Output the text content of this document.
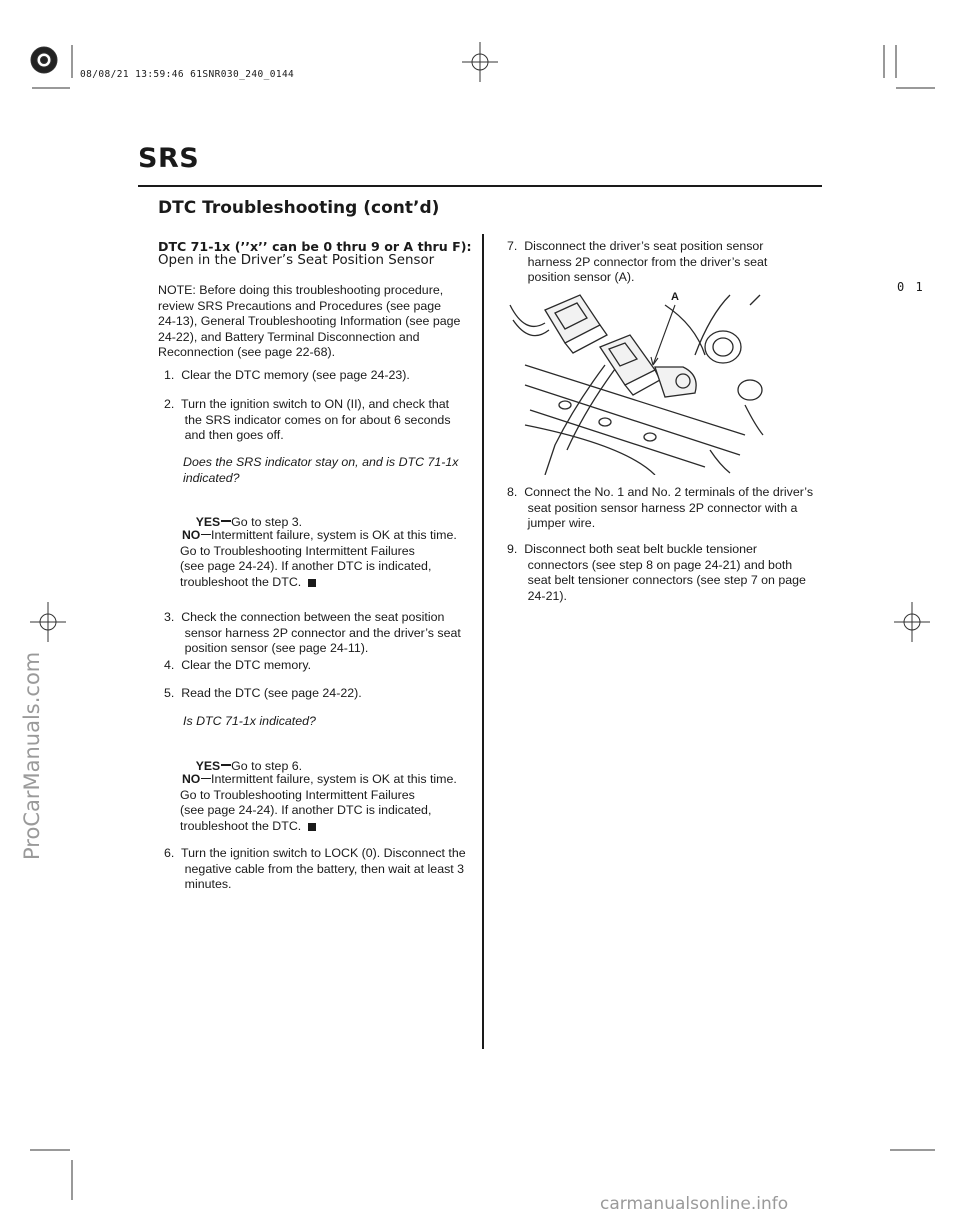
08/08/21 13:59:46 61SNR030_240_0144
0 1
SRS
DTC Troubleshooting (cont’d)
DTC 71-1x (’’x’’ can be 0 thru 9 or A thru F):
Open in the Driver’s Seat Position Sensor
NOTE: Before doing this troubleshooting procedure,
review SRS Precautions and Procedures (see page
24-13), General Troubleshooting Information (see page
24-22), and Battery Terminal Disconnection and
Reconnection (see page 22-68).
1.  Clear the DTC memory (see page 24-23).
2.  Turn the ignition switch to ON (II), and check that
the SRS indicator comes on for about 6 seconds
and then goes off.
Does the SRS indicator stay on, and is DTC 71-1x
indicated?

YES Go to step 3.

NO Intermittent failure, system is OK at this time.
Go to Troubleshooting Intermittent Failures
(see page 24-24). If another DTC is indicated,
troubleshoot the DTC.
3.  Check the connection between the seat position
sensor harness 2P connector and the driver’s seat
position sensor (see page 24-11).
4.  Clear the DTC memory.
5.  Read the DTC (see page 24-22).
Is DTC 71-1x indicated?

YES Go to step 6.

NO Intermittent failure, system is OK at this time.
Go to Troubleshooting Intermittent Failures
(see page 24-24). If another DTC is indicated,
troubleshoot the DTC.
6.  Turn the ignition switch to LOCK (0). Disconnect the
negative cable from the battery, then wait at least 3
minutes.
7.  Disconnect the driver’s seat position sensor
harness 2P connector from the driver’s seat
position sensor (A).
A
8.  Connect the No. 1 and No. 2 terminals of the driver’s
seat position sensor harness 2P connector with a
jumper wire.
9.  Disconnect both seat belt buckle tensioner
connectors (see step 8 on page 24-21) and both
seat belt tensioner connectors (see step 7 on page
24-21).
ProCarManuals.com
carmanualsonline.info
